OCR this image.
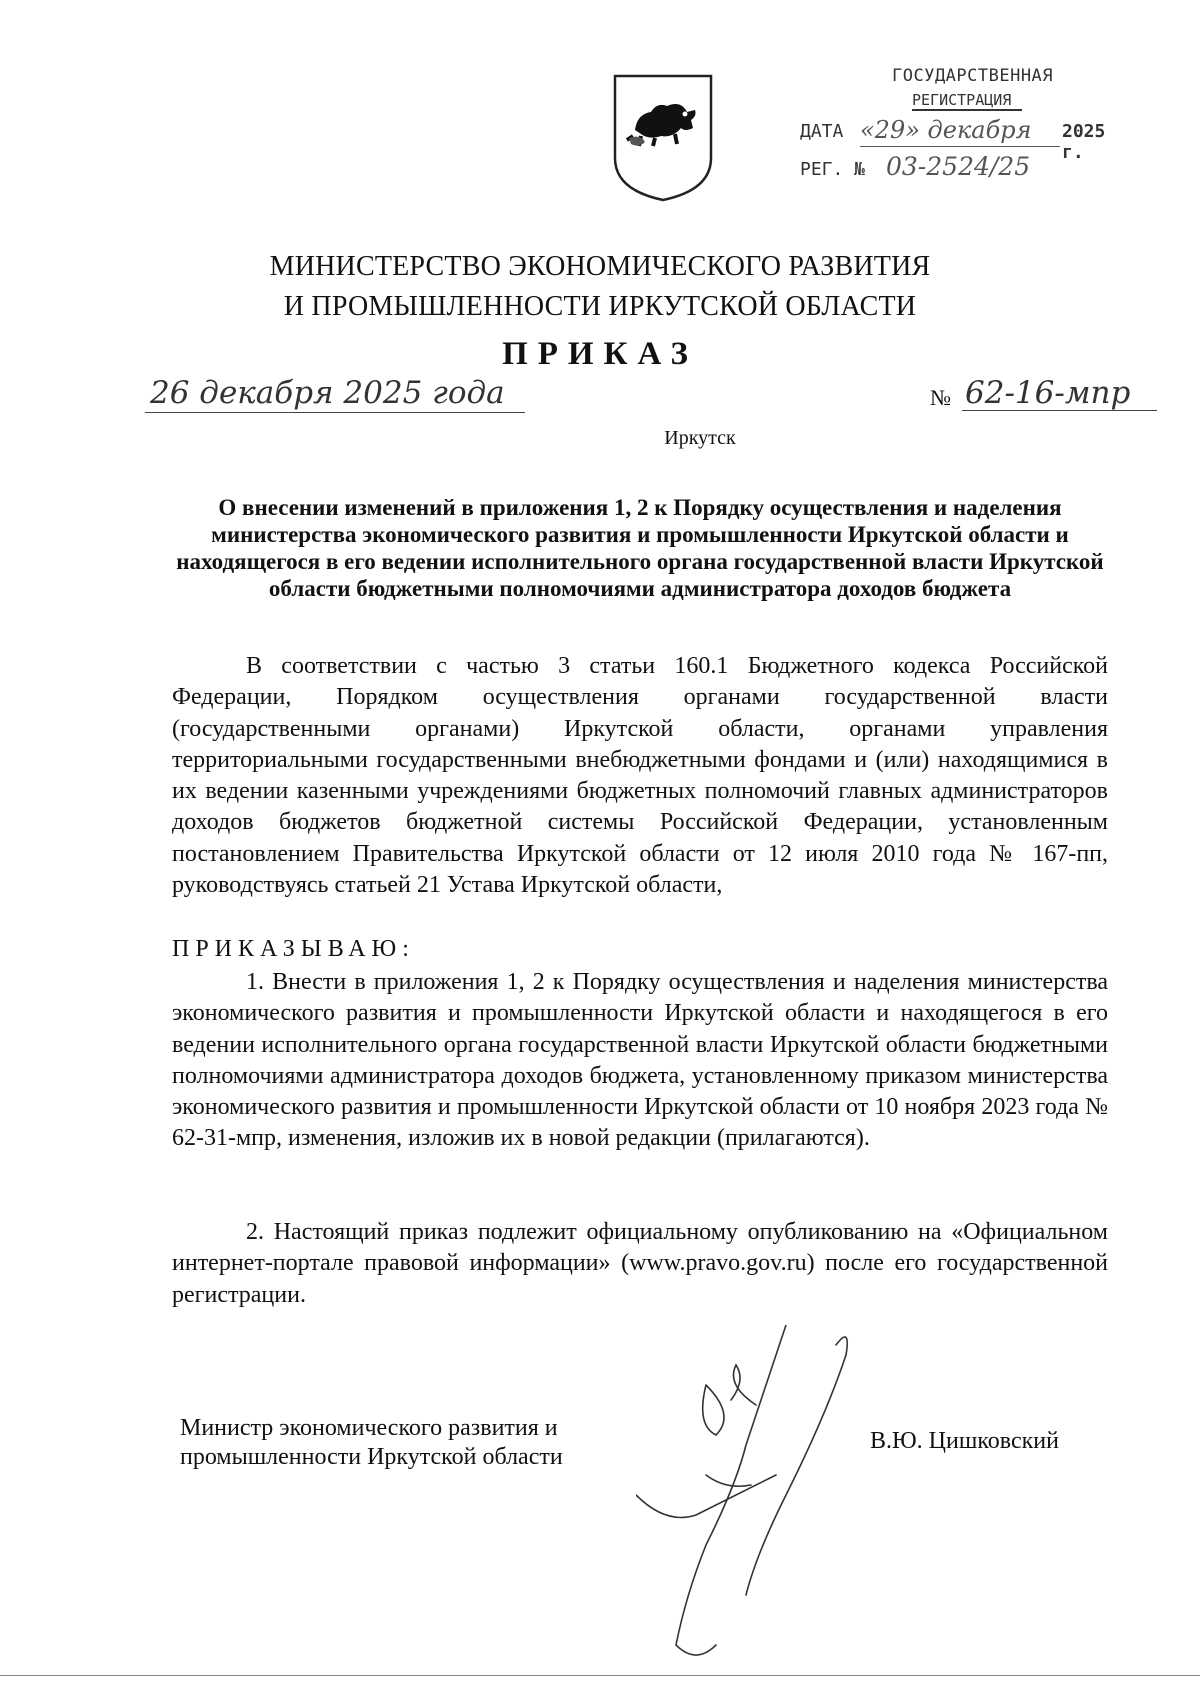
ГОСУДАРСТВЕННАЯ
РЕГИСТРАЦИЯ
ДАТА «29» декабря 2025 г.
РЕГ. № 03-2524/25
МИНИСТЕРСТВО ЭКОНОМИЧЕСКОГО РАЗВИТИЯ
И ПРОМЫШЛЕННОСТИ ИРКУТСКОЙ ОБЛАСТИ
ПРИКАЗ
26 декабря 2025 года	№ 62-16-мпр
Иркутск
О внесении изменений в приложения 1, 2 к Порядку осуществления и наделения министерства экономического развития и промышленности Иркутской области и находящегося в его ведении исполнительного органа государственной власти Иркутской области бюджетными полномочиями администратора доходов бюджета
В соответствии с частью 3 статьи 160.1 Бюджетного кодекса Российской Федерации, Порядком осуществления органами государственной власти (государственными органами) Иркутской области, органами управления территориальными государственными внебюджетными фондами и (или) находящимися в их ведении казенными учреждениями бюджетных полномочий главных администраторов доходов бюджетов бюджетной системы Российской Федерации, установленным постановлением Правительства Иркутской области от 12 июля 2010 года № 167-пп, руководствуясь статьей 21 Устава Иркутской области,
ПРИКАЗЫВАЮ:
1. Внести в приложения 1, 2 к Порядку осуществления и наделения министерства экономического развития и промышленности Иркутской области и находящегося в его ведении исполнительного органа государственной власти Иркутской области бюджетными полномочиями администратора доходов бюджета, установленному приказом министерства экономического развития и промышленности Иркутской области от 10 ноября 2023 года № 62-31-мпр, изменения, изложив их в новой редакции (прилагаются).
2. Настоящий приказ подлежит официальному опубликованию на «Официальном интернет-портале правовой информации» (www.pravo.gov.ru) после его государственной регистрации.
Министр экономического развития и
промышленности Иркутской области
В.Ю. Цишковский
